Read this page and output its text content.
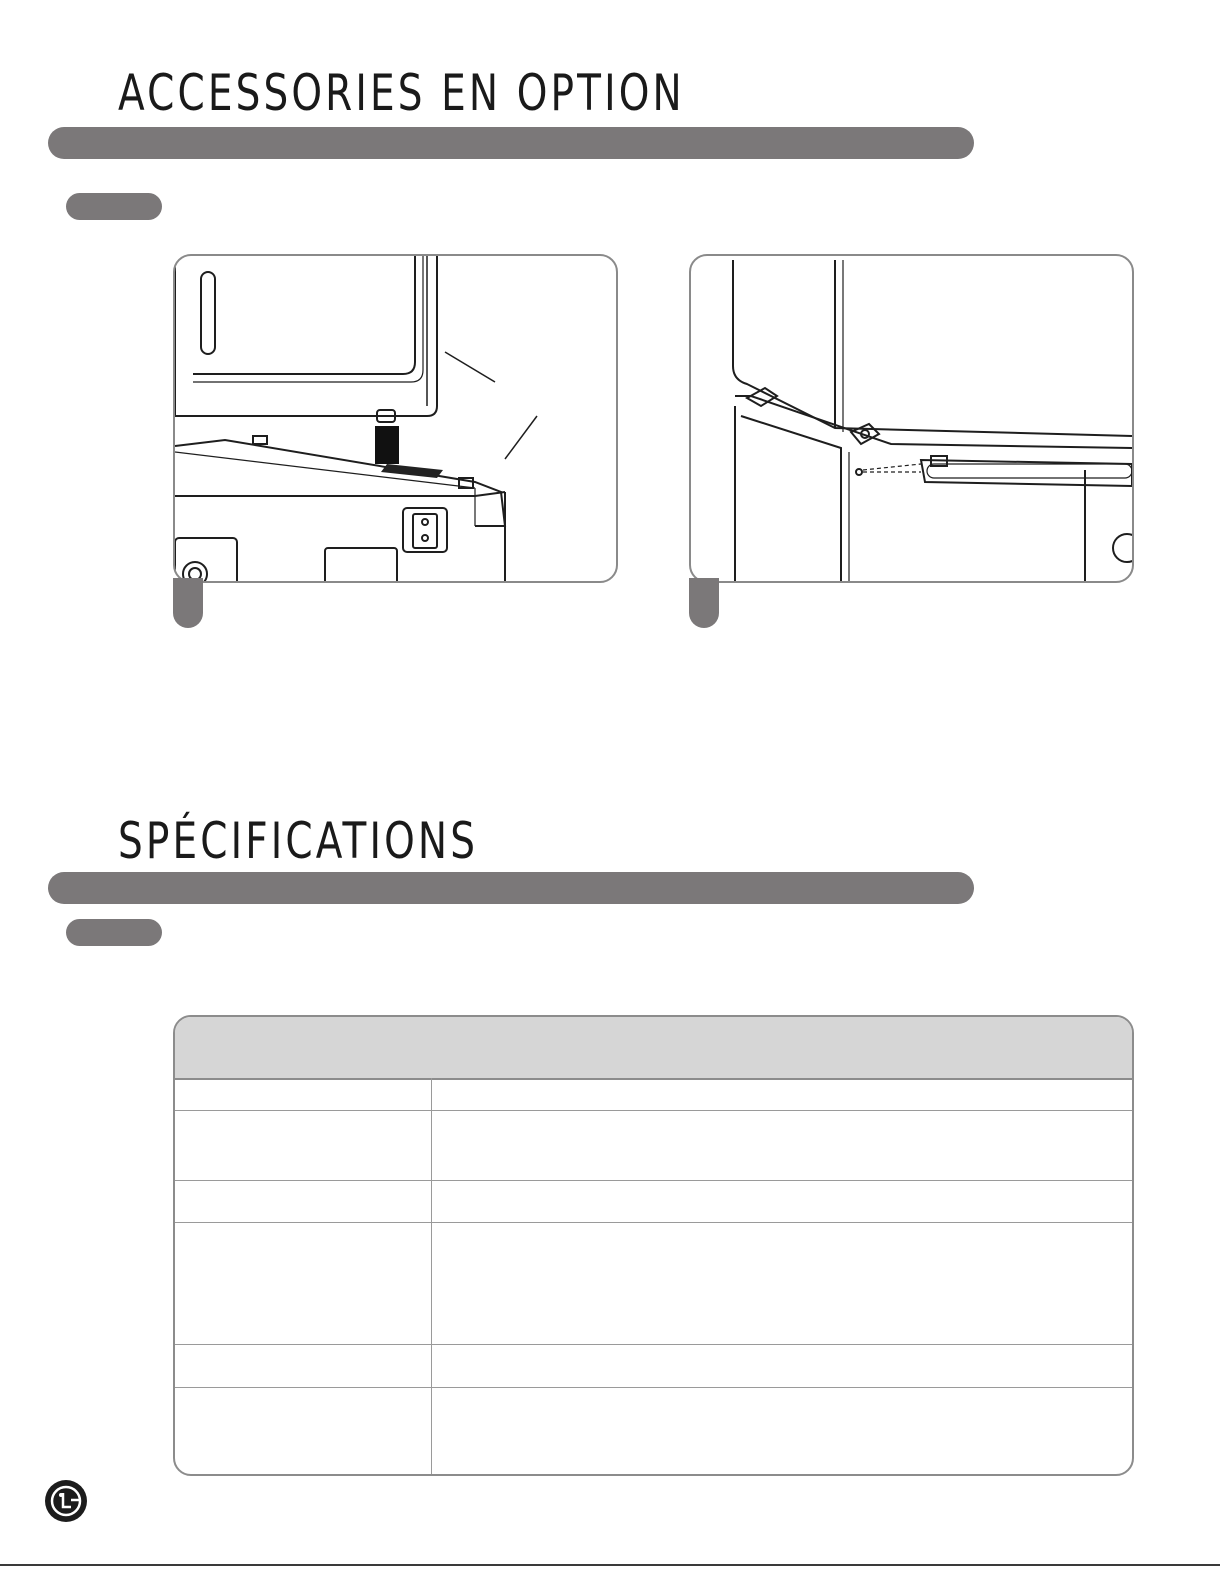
ACCESSORIES EN OPTION
SPÉCIFICATIONS
